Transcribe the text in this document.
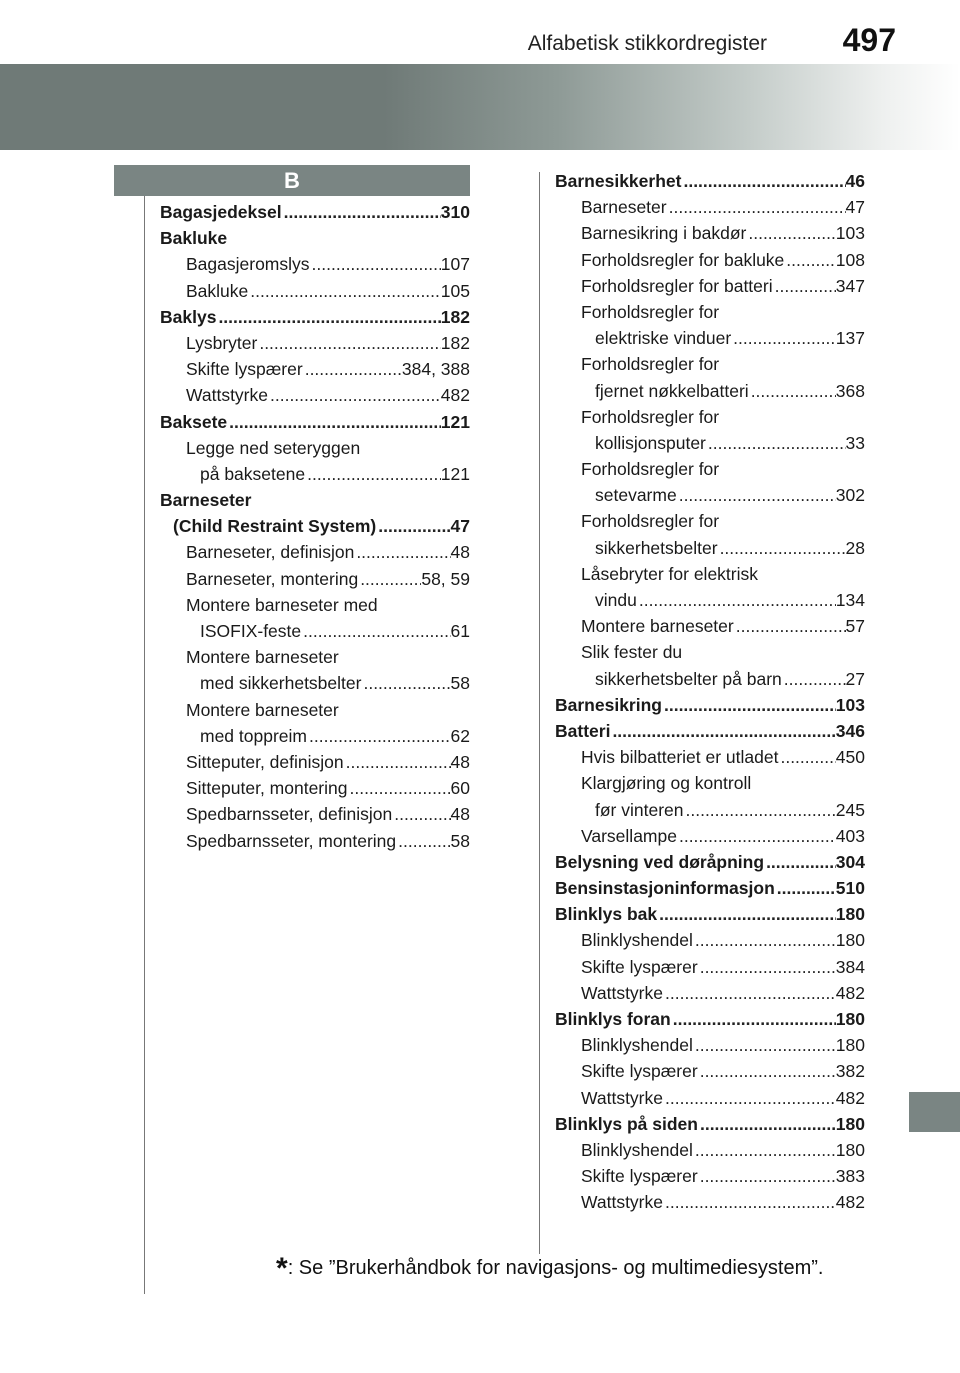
Alfabetisk stikkordregister 497
B
Bagasjedeksel .....	310
Bakluke
Bagasjeromslys .....	107
Bakluke .....	105
Baklys .....	182
Lysbryter .....	182
Skifte lyspærer .....	384, 388
Wattstyrke .....	482
Baksete .....	121
Legge ned seteryggen
på baksetene .....	121
Barneseter
(Child Restraint System) .....	47
Barneseter, definisjon .....	48
Barneseter, montering .....	58, 59
Montere barneseter med
ISOFIX-feste .....	61
Montere barneseter
med sikkerhetsbelter .....	58
Montere barneseter
med toppreim .....	62
Sitteputer, definisjon .....	48
Sitteputer, montering .....	60
Spedbarnsseter, definisjon .....	48
Spedbarnsseter, montering .....	58
Barnesikkerhet .....	46
Barneseter .....	47
Barnesikring i bakdør .....	103
Forholdsregler for bakluke .....	108
Forholdsregler for batteri .....	347
Forholdsregler for
elektriske vinduer .....	137
Forholdsregler for
fjernet nøkkelbatteri .....	368
Forholdsregler for
kollisjonsputer .....	33
Forholdsregler for
setevarme .....	302
Forholdsregler for
sikkerhetsbelter .....	28
Låsebryter for elektrisk
vindu .....	134
Montere barneseter .....	57
Slik fester du
sikkerhetsbelter på barn .....	27
Barnesikring .....	103
Batteri .....	346
Hvis bilbatteriet er utladet .....	450
Klargjøring og kontroll
før vinteren .....	245
Varsellampe .....	403
Belysning ved døråpning .....	304
Bensinstasjoninformasjon .....	510
Blinklys bak .....	180
Blinklyshendel .....	180
Skifte lyspærer .....	384
Wattstyrke .....	482
Blinklys foran .....	180
Blinklyshendel .....	180
Skifte lyspærer .....	382
Wattstyrke .....	482
Blinklys på siden .....	180
Blinklyshendel .....	180
Skifte lyspærer .....	383
Wattstyrke .....	482
*: Se ”Brukerhåndbok for navigasjons- og multimediesystem”.
